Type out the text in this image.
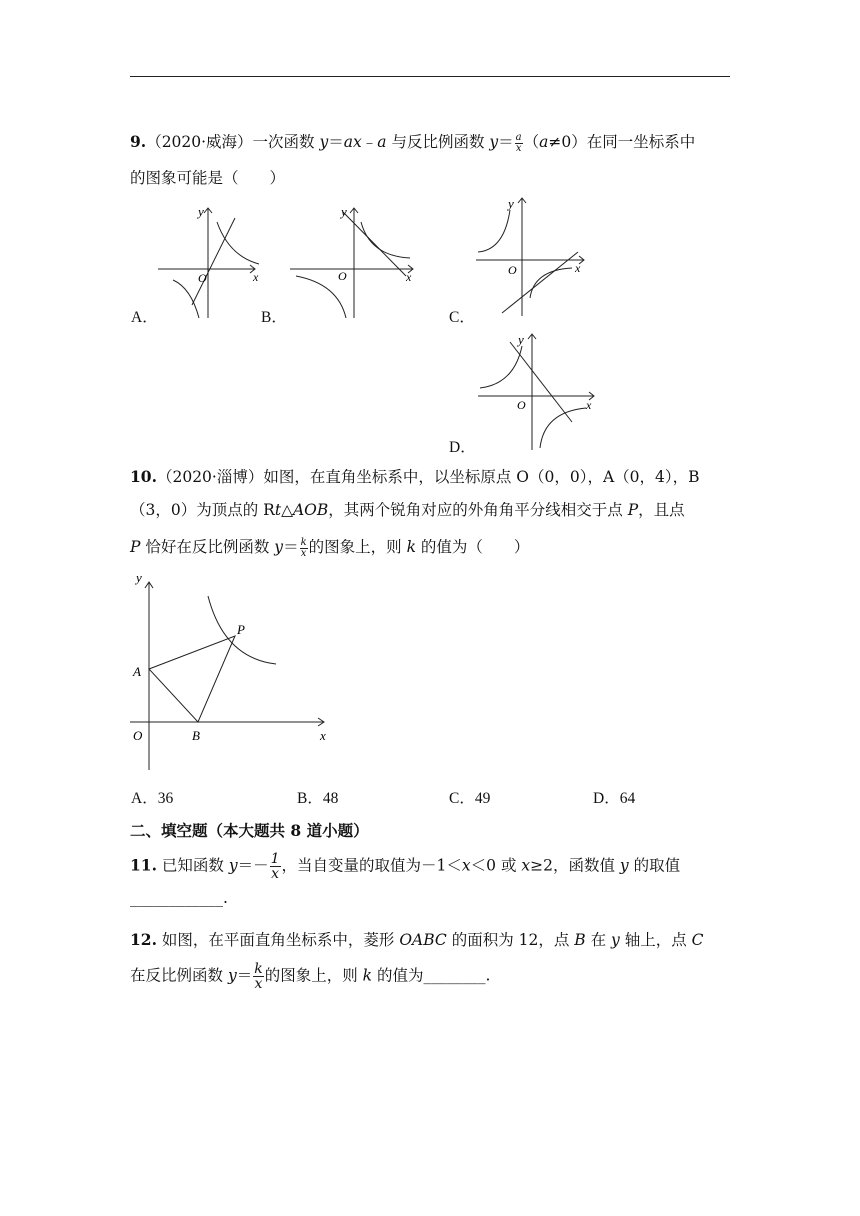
9.（2020·威海）一次函数 y＝ax﹣a 与反比例函数 $y= \frac{a}{x} (a\ne 0)$在同一坐标系中
的图象可能是（　　）
y
x
O
A．
y
x
O
B．
y
x
O
C．
y
x
O
D．
10.（2020·淄博）如图，在直角坐标系中，以坐标原点 O（0，0），A（0，4），B
（3，0）为顶点的 Rt△AOB，其两个锐角对应的外角角平分线相交于点 P，且点
P 恰好在反比例函数 $y= \frac{k}{x}$ 的图象上，则 k 的值为（　　）
y
x
O
A
B
P
A．36	B．48	C．49	D．64
二、填空题（本大题共 8 道小题）
11. 已知函数 $y=- \frac{1}{x}$ ，当自变量的取值为－1＜x＜0 或 x≥2，函数值 y 的取值
____________.
12. 如图，在平面直角坐标系中，菱形 OABC 的面积为 12，点 B 在 y 轴上，点 C
在反比例函数 $y= \frac{k}{x}$ 的图象上，则 k 的值为________.
